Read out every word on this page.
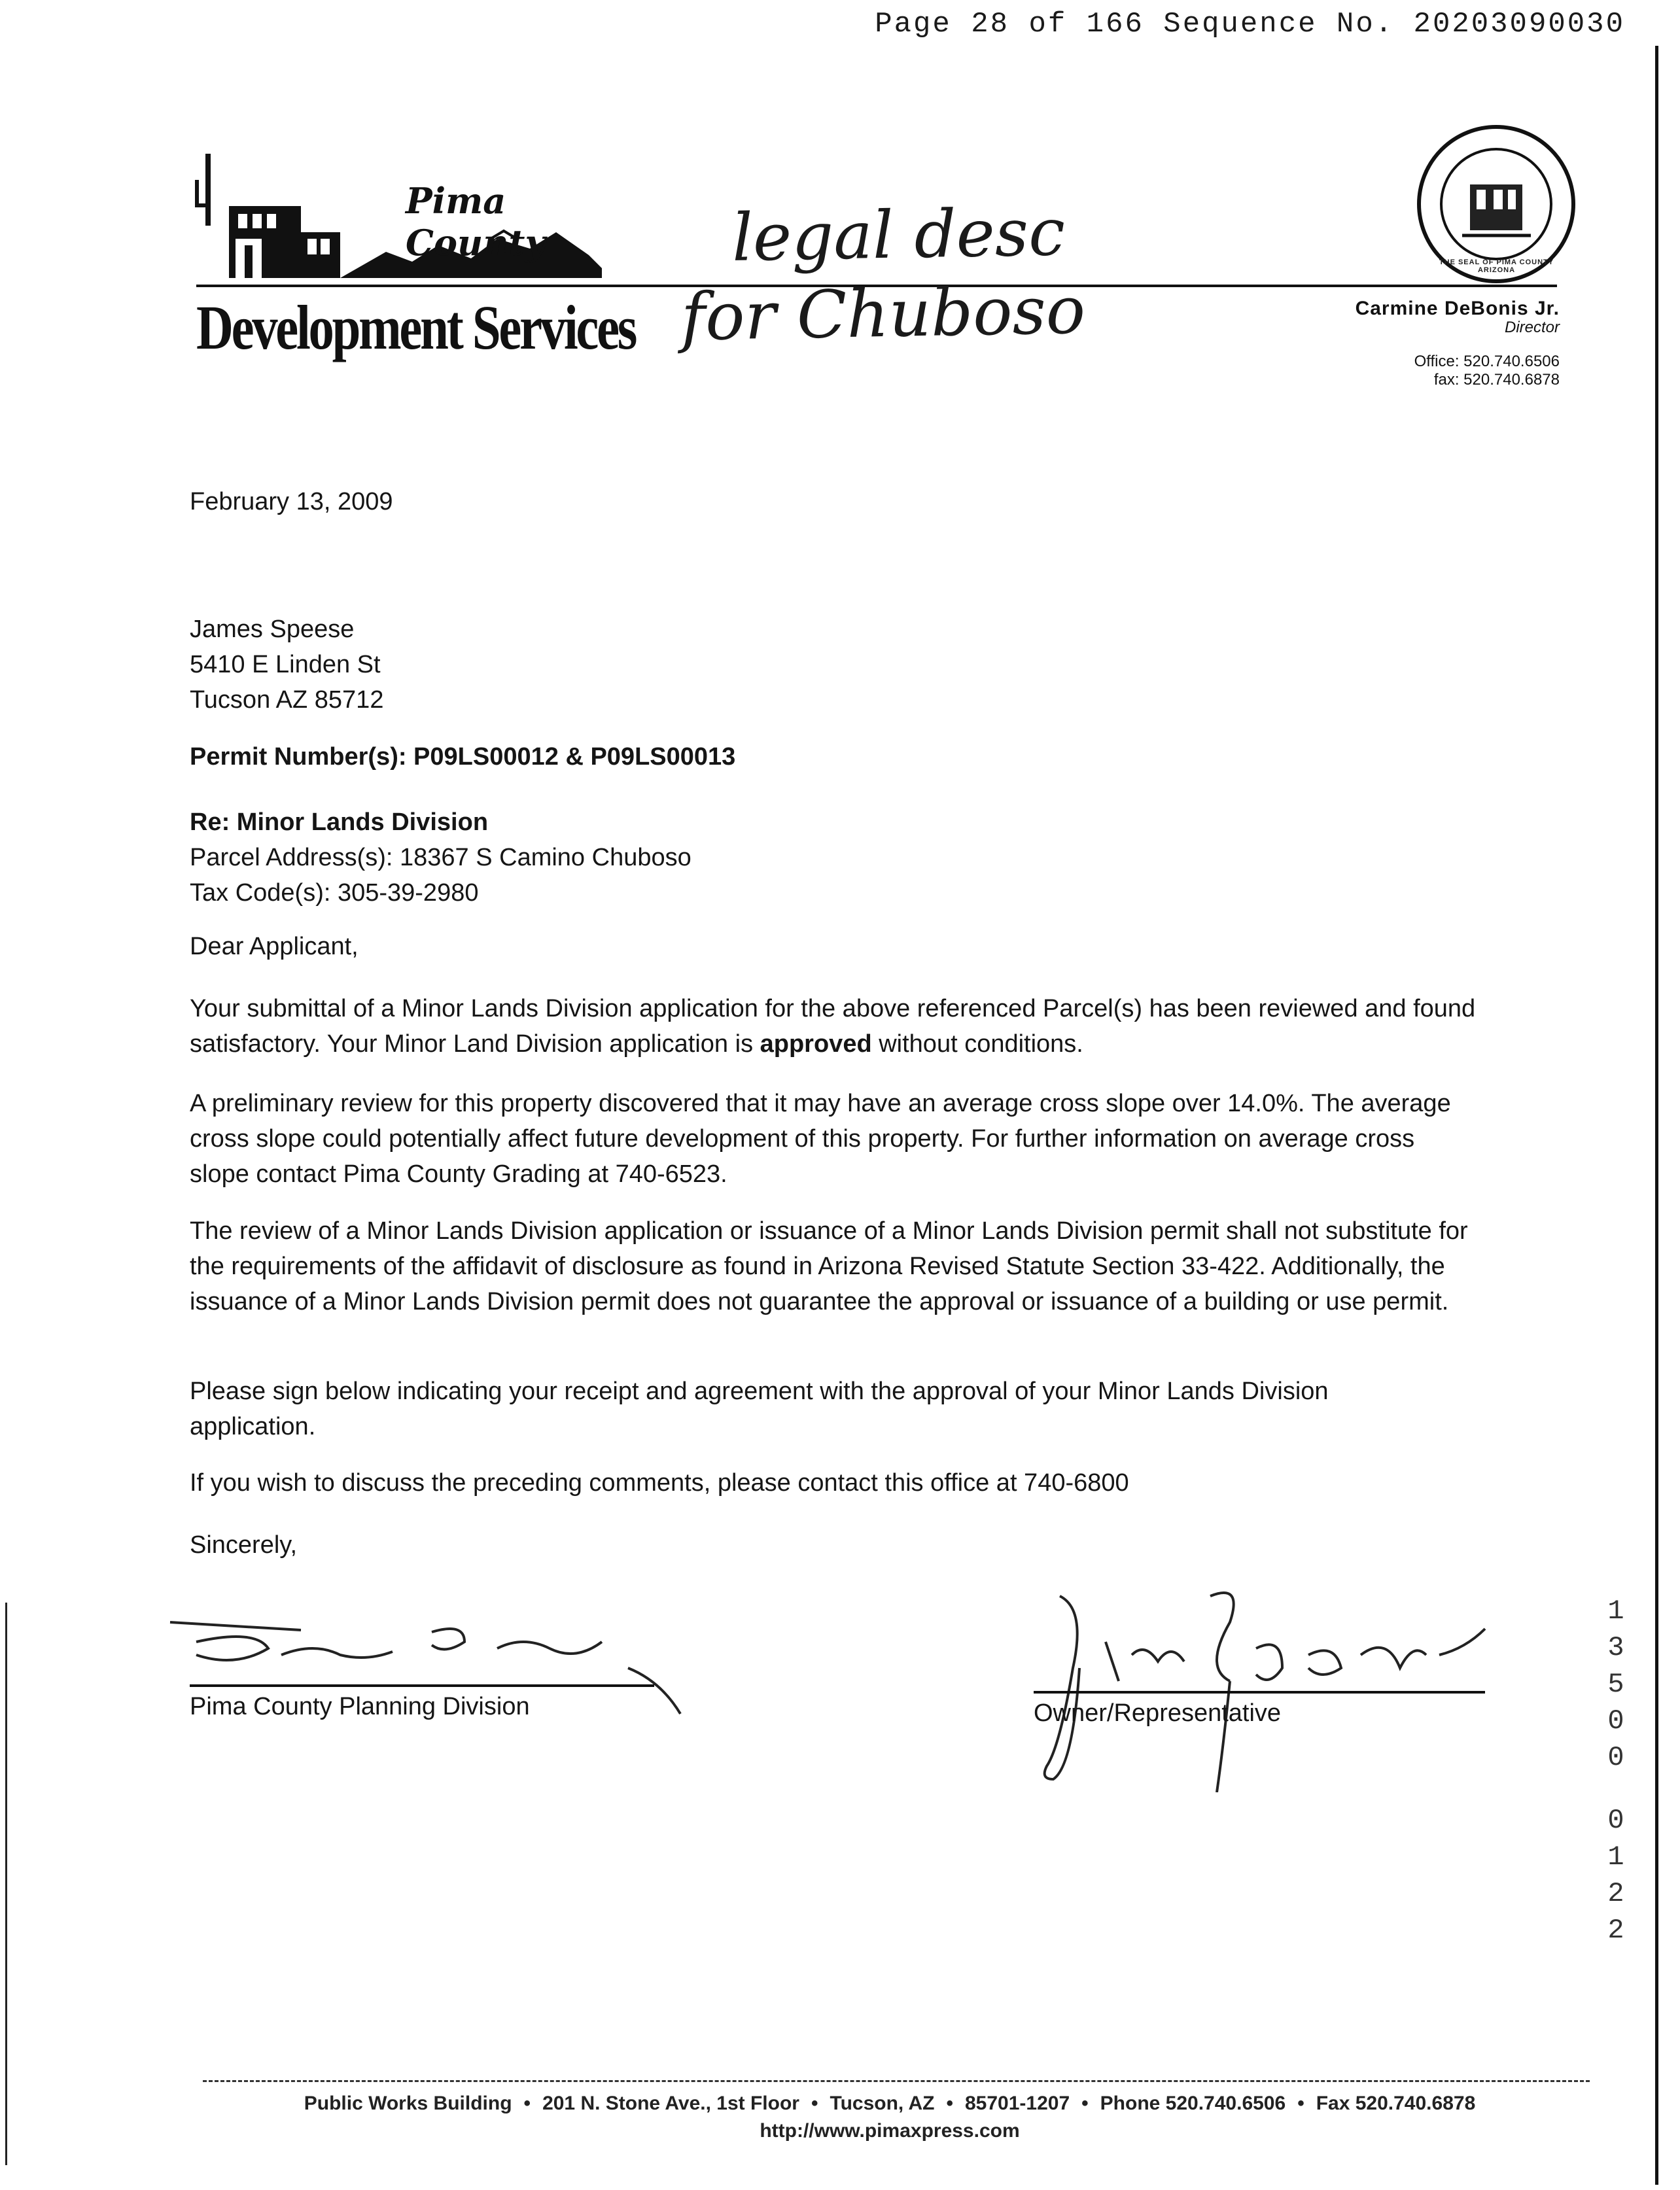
Page 28 of 166 Sequence No. 20203090030
Pima County
Development Services
legal desc
for Chuboso
THE SEAL OF PIMA COUNTY ARIZONA
Carmine DeBonis Jr.
Director
Office: 520.740.6506
fax: 520.740.6878
February 13, 2009
James Speese
5410 E Linden St
Tucson AZ 85712
Permit Number(s): P09LS00012 & P09LS00013
Re: Minor Lands Division
Parcel Address(s): 18367 S Camino Chuboso
Tax Code(s): 305-39-2980
Dear Applicant,
Your submittal of a Minor Lands Division application for the above referenced Parcel(s) has been reviewed and found satisfactory. Your Minor Land Division application is approved without conditions.
A preliminary review for this property discovered that it may have an average cross slope over 14.0%. The average cross slope could potentially affect future development of this property. For further information on average cross slope contact Pima County Grading at 740-6523.
The review of a Minor Lands Division application or issuance of a Minor Lands Division permit shall not substitute for the requirements of the affidavit of disclosure as found in Arizona Revised Statute Section 33-422. Additionally, the issuance of a Minor Lands Division permit does not guarantee the approval or issuance of a building or use permit.
Please sign below indicating your receipt and agreement with the approval of your Minor Lands Division application.
If you wish to discuss the preceding comments, please contact this office at 740-6800
Sincerely,
Pima County Planning Division	Owner/Representative
1
3
5
0
0
0
1
2
2
Public Works Building • 201 N. Stone Ave., 1st Floor • Tucson, AZ • 85701-1207 • Phone 520.740.6506 • Fax 520.740.6878
http://www.pimaxpress.com
